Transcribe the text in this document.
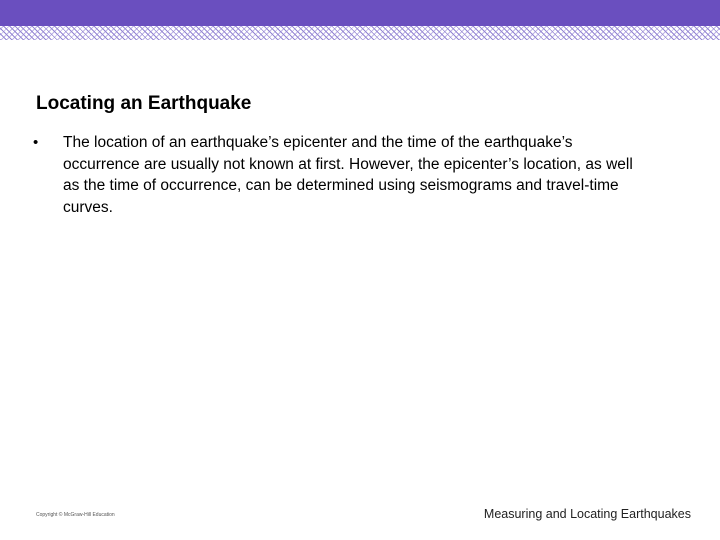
Locating an Earthquake
•	The location of an earthquake’s epicenter and the time of the earthquake’s occurrence are usually not known at first. However, the epicenter’s location, as well as the time of occurrence, can be determined using seismograms and travel-time curves.
Copyright © McGraw-Hill Education	Measuring and Locating Earthquakes
